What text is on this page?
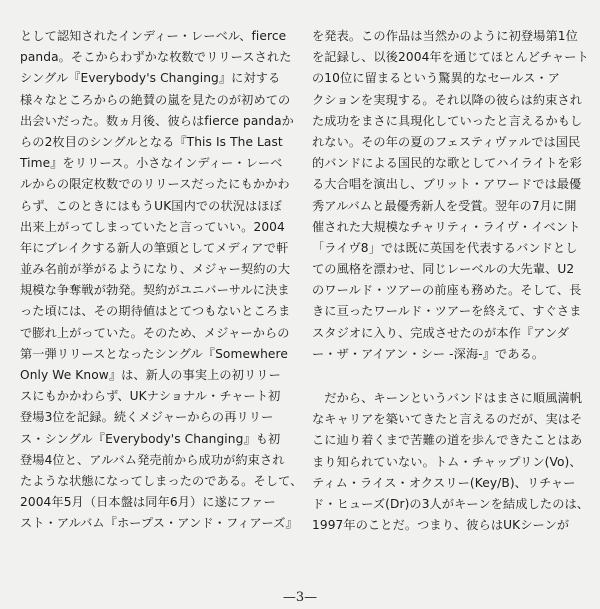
として認知されたインディー・レーベル、fierce
panda。そこからわずかな枚数でリリースされた
シングル『Everybody's Changing』に対する
様々なところからの絶賛の嵐を見たのが初めての
出会いだった。数ヵ月後、彼らはfierce pandaか
らの2枚目のシングルとなる『This Is The Last
Time』をリリース。小さなインディー・レーベ
ルからの限定枚数でのリリースだったにもかかわ
らず、このときにはもうUK国内での状況はほぼ
出来上がってしまっていたと言っていい。2004
年にブレイクする新人の筆頭としてメディアで軒
並み名前が挙がるようになり、メジャー契約の大
規模な争奪戦が勃発。契約がユニバーサルに決ま
った頃には、その期待値はとてつもないところま
で膨れ上がっていた。そのため、メジャーからの
第一弾リリースとなったシングル『Somewhere
Only We Know』は、新人の事実上の初リリー
スにもかかわらず、UKナショナル・チャート初
登場3位を記録。続くメジャーからの再リリー
ス・シングル『Everybody's Changing』も初
登場4位と、アルバム発売前から成功が約束され
たような状態になってしまったのである。そして、
2004年5月（日本盤は同年6月）に遂にファー
スト・アルバム『ホープス・アンド・フィアーズ』
を発表。この作品は当然かのように初登場第1位
を記録し、以後2004年を通じてほとんどチャート
の10位に留まるという驚異的なセールス・ア
クションを実現する。それ以降の彼らは約束され
た成功をまさに具現化していったと言えるかもし
れない。その年の夏のフェスティヴァルでは国民
的バンドによる国民的な歌としてハイライトを彩
る大合唱を演出し、ブリット・アワードでは最優
秀アルバムと最優秀新人を受賞。翌年の7月に開
催された大規模なチャリティ・ライヴ・イベント
「ライヴ8」では既に英国を代表するバンドとし
ての風格を漂わせ、同じレーベルの大先輩、U2
のワールド・ツアーの前座も務めた。そして、長
きに亘ったワールド・ツアーを終えて、すぐさま
スタジオに入り、完成させたのが本作『アンダ
ー・ザ・アイアン・シー -深海-』である。
　だから、キーンというバンドはまさに順風満帆
なキャリアを築いてきたと言えるのだが、実はそ
こに辿り着くまで苦難の道を歩んできたことはあ
まり知られていない。トム・チャップリン(Vo)、
ティム・ライス・オクスリー(Key/B)、リチャー
ド・ヒューズ(Dr)の3人がキーンを結成したのは、
1997年のことだ。つまり、彼らはUKシーンが
—3—
